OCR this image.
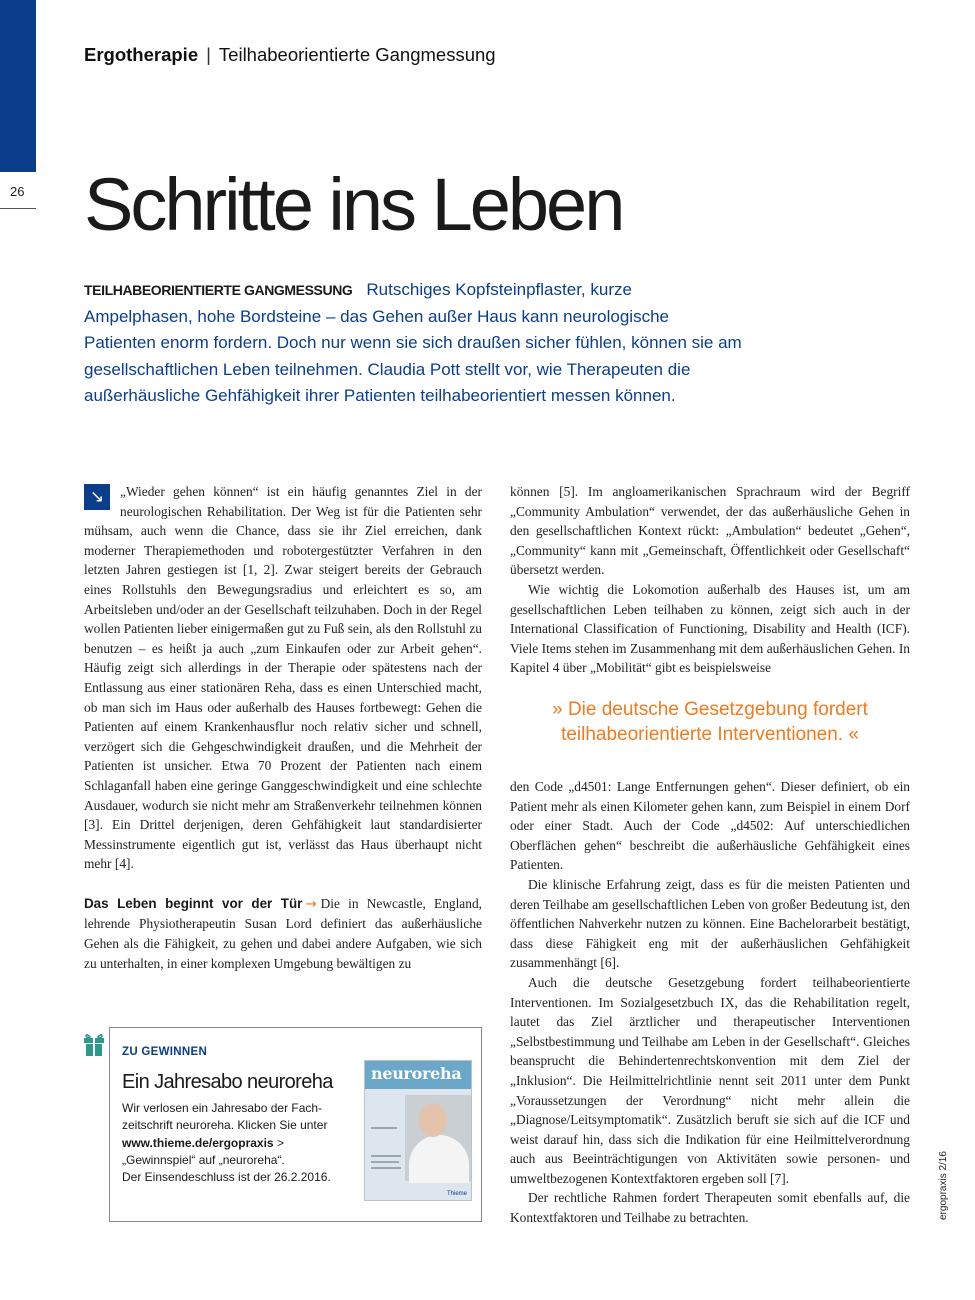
26
Ergotherapie | Teilhabeorientierte Gangmessung
Schritte ins Leben

TEILHABEORIENTIERTE GANGMESSUNG Rutschiges Kopfsteinpflaster, kurze Ampelphasen, hohe Bordsteine – das Gehen außer Haus kann neurologische Patienten enorm fordern. Doch nur wenn sie sich draußen sicher fühlen, können sie am gesellschaftlichen Leben teilnehmen. Claudia Pott stellt vor, wie Therapeuten die außerhäusliche Gehfähigkeit ihrer Patienten teilhabeorientiert messen können.

↘	„Wieder gehen können“ ist ein häufig genanntes Ziel in der neurologischen Rehabilitation. Der Weg ist für die Patienten sehr mühsam, auch wenn die Chance, dass sie ihr Ziel erreichen, dank moderner Therapiemethoden und robotergestützter Verfahren in den letzten Jahren gestiegen ist [1, 2]. Zwar steigert bereits der Gebrauch eines Rollstuhls den Bewegungsradius und erleichtert es so, am Arbeitsleben und/oder an der Gesellschaft teilzuhaben. Doch in der Regel wollen Patienten lieber einigermaßen gut zu Fuß sein, als den Rollstuhl zu benutzen – es heißt ja auch „zum Einkaufen oder zur Arbeit gehen“. Häufig zeigt sich allerdings in der Therapie oder spätestens nach der Entlassung aus einer stationären Reha, dass es einen Unterschied macht, ob man sich im Haus oder außerhalb des Hauses fortbewegt: Gehen die Patienten auf einem Krankenhausflur noch relativ sicher und schnell, verzögert sich die Gehgeschwindigkeit draußen, und die Mehrheit der Patienten ist unsicher. Etwa 70 Prozent der Patienten nach einem Schlaganfall haben eine geringe Ganggeschwindigkeit und eine schlechte Ausdauer, wodurch sie nicht mehr am Straßenverkehr teilnehmen können [3]. Ein Drittel derjenigen, deren Gehfähigkeit laut standardisierter Messinstrumente eigentlich gut ist, verlässt das Haus überhaupt nicht mehr [4].

Das Leben beginnt vor der Tür → Die in Newcastle, England, lehrende Physiotherapeutin Susan Lord definiert das außerhäusliche Gehen als die Fähigkeit, zu gehen und dabei andere Aufgaben, wie sich zu unterhalten, in einer komplexen Umgebung bewältigen zu

können [5]. Im angloamerikanischen Sprachraum wird der Begriff „Community Ambulation“ verwendet, der das außerhäusliche Gehen in den gesellschaftlichen Kontext rückt: „Ambulation“ bedeutet „Gehen“, „Community“ kann mit „Gemeinschaft, Öffentlichkeit oder Gesellschaft“ übersetzt werden.

Wie wichtig die Lokomotion außerhalb des Hauses ist, um am gesellschaftlichen Leben teilhaben zu können, zeigt sich auch in der International Classification of Functioning, Disability and Health (ICF). Viele Items stehen im Zusammenhang mit dem außerhäuslichen Gehen. In Kapitel 4 über „Mobilität“ gibt es beispielsweise

» Die deutsche Gesetzgebung fordert teilhabeorientierte Interventionen. «

den Code „d4501: Lange Entfernungen gehen“. Dieser definiert, ob ein Patient mehr als einen Kilometer gehen kann, zum Beispiel in einem Dorf oder einer Stadt. Auch der Code „d4502: Auf unterschiedlichen Oberflächen gehen“ beschreibt die außerhäusliche Gehfähigkeit eines Patienten.

Die klinische Erfahrung zeigt, dass es für die meisten Patienten und deren Teilhabe am gesellschaftlichen Leben von großer Bedeutung ist, den öffentlichen Nahverkehr nutzen zu können. Eine Bachelorarbeit bestätigt, dass diese Fähigkeit eng mit der außerhäuslichen Gehfähigkeit zusammenhängt [6].

Auch die deutsche Gesetzgebung fordert teilhabeorientierte Interventionen. Im Sozialgesetzbuch IX, das die Rehabilitation regelt, lautet das Ziel ärztlicher und therapeutischer Interventionen „Selbstbestimmung und Teilhabe am Leben in der Gesellschaft“. Gleiches beansprucht die Behindertenrechtskonvention mit dem Ziel der „Inklusion“. Die Heilmittelrichtlinie nennt seit 2011 unter dem Punkt „Voraussetzungen der Verordnung“ nicht mehr allein die „Diagnose/Leitsymptomatik“. Zusätzlich beruft sie sich auf die ICF und weist darauf hin, dass sich die Indikation für eine Heilmittelverordnung auch aus Beeinträchtigungen von Aktivitäten sowie personen- und umweltbezogenen Kontextfaktoren ergeben soll [7].

Der rechtliche Rahmen fordert Therapeuten somit ebenfalls auf, die Kontextfaktoren und Teilhabe zu betrachten.

ZU GEWINNEN
Ein Jahresabo neuroreha
Wir verlosen ein Jahresabo der Fach-
zeitschrift neuroreha. Klicken Sie unter
www.thieme.de/ergopraxis >
„Gewinnspiel“ auf „neuroreha“.
Der Einsendeschluss ist der 26.2.2016.
neuroreha
Thieme	ergopraxis 2/16
